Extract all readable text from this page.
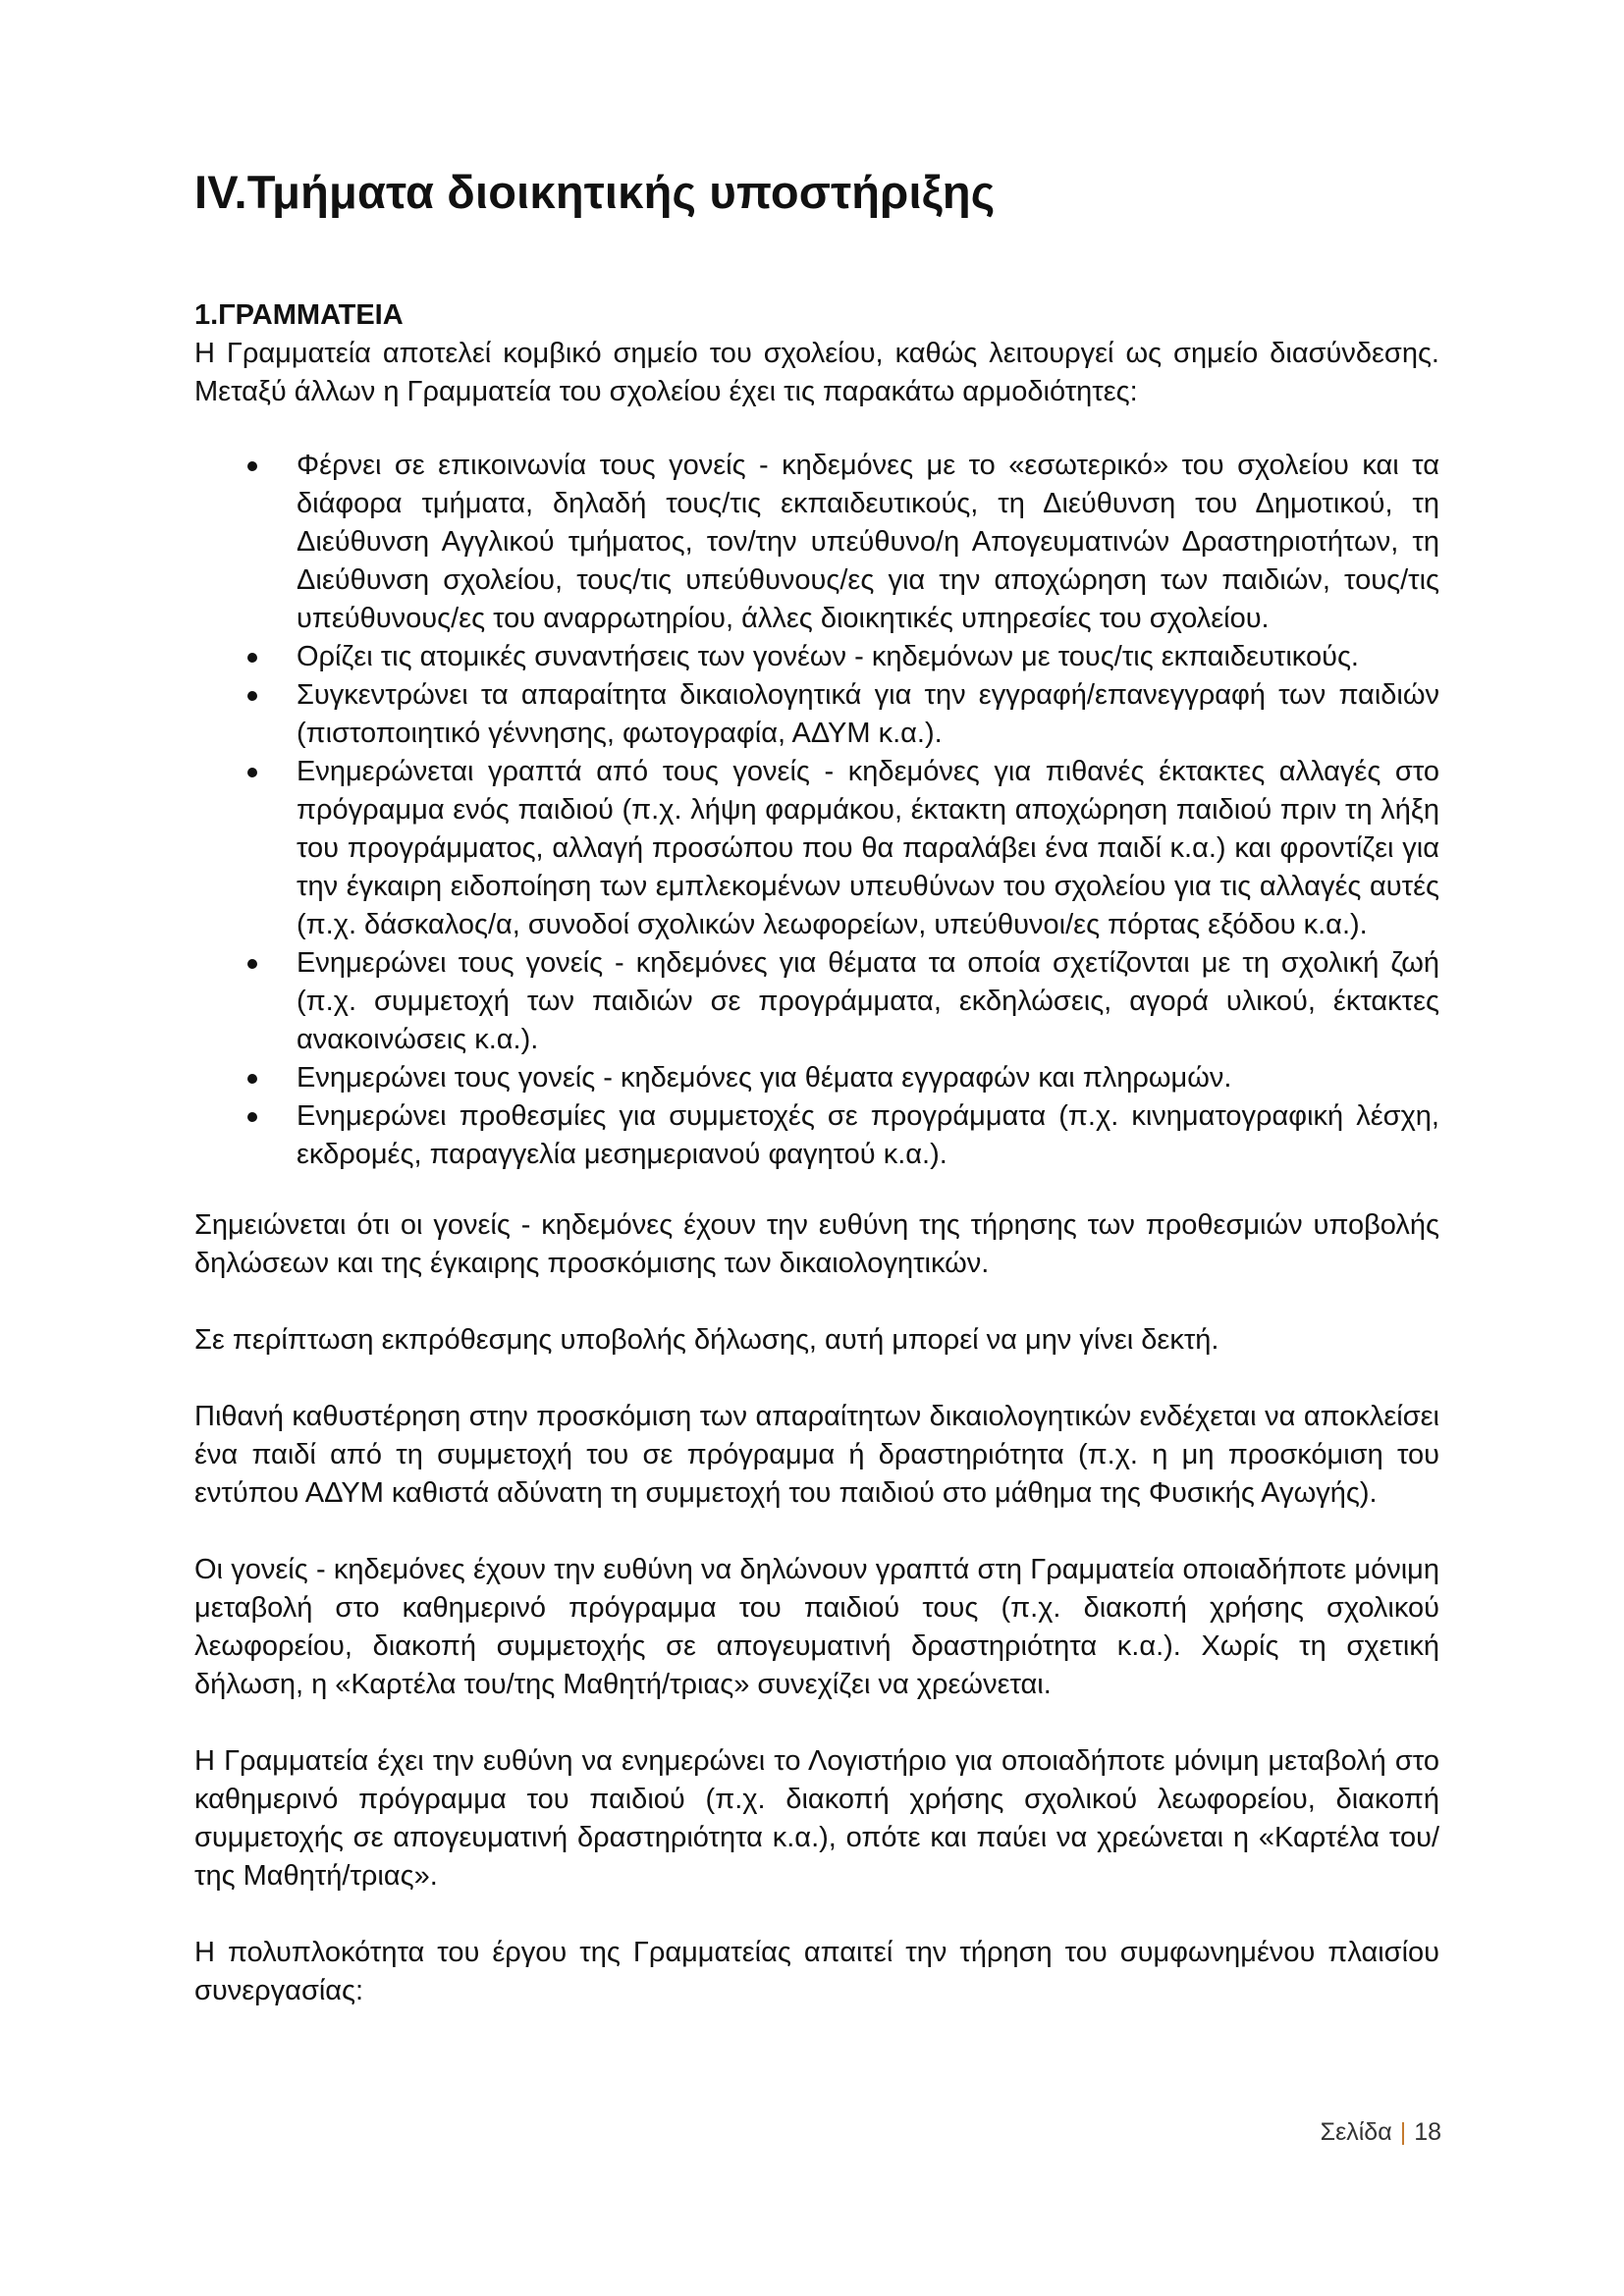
IV.Τμήματα διοικητικής υποστήριξης
1.ΓΡΑΜΜΑΤΕΙΑ

Η Γραμματεία αποτελεί κομβικό σημείο του σχολείου, καθώς λειτουργεί ως σημείο διασύνδεσης. Μεταξύ άλλων η Γραμματεία του σχολείου έχει τις παρακάτω αρμοδιότητες:

Φέρνει σε επικοινωνία τους γονείς - κηδεμόνες με το «εσωτερικό» του σχολείου και τα διάφορα τμήματα, δηλαδή τους/τις εκπαιδευτικούς, τη Διεύθυνση του Δημοτικού, τη Διεύθυνση Αγγλικού τμήματος, τον/την υπεύθυνο/η Απογευματινών Δραστηριοτήτων, τη Διεύθυνση σχολείου, τους/τις υπεύθυνους/ες για την αποχώρηση των παιδιών, τους/τις υπεύθυνους/ες του αναρρωτηρίου, άλλες διοικητικές υπηρεσίες του σχολείου.
Ορίζει τις ατομικές συναντήσεις των γονέων - κηδεμόνων με τους/τις εκπαιδευτικούς.
Συγκεντρώνει τα απαραίτητα δικαιολογητικά για την εγγραφή/επανεγγραφή των παιδιών (πιστοποιητικό γέννησης, φωτογραφία, ΑΔΥΜ κ.α.).
Ενημερώνεται γραπτά από τους γονείς - κηδεμόνες για πιθανές έκτακτες αλλαγές στο πρόγραμμα ενός παιδιού (π.χ. λήψη φαρμάκου, έκτακτη αποχώρηση παιδιού πριν τη λήξη του προγράμματος, αλλαγή προσώπου που θα παραλάβει ένα παιδί κ.α.) και φροντίζει για την έγκαιρη ειδοποίηση των εμπλεκομένων υπευθύνων του σχολείου για τις αλλαγές αυτές (π.χ. δάσκαλος/α, συνοδοί σχολικών λεωφορείων, υπεύθυνοι/ες πόρτας εξόδου κ.α.).
Ενημερώνει τους γονείς - κηδεμόνες για θέματα τα οποία σχετίζονται με τη σχολική ζωή (π.χ. συμμετοχή των παιδιών σε προγράμματα, εκδηλώσεις, αγορά υλικού, έκτακτες ανακοινώσεις κ.α.).
Ενημερώνει τους γονείς - κηδεμόνες για θέματα εγγραφών και πληρωμών.
Ενημερώνει προθεσμίες για συμμετοχές σε προγράμματα (π.χ. κινηματογραφική λέσχη, εκδρομές, παραγγελία μεσημεριανού φαγητού κ.α.).

Σημειώνεται ότι οι γονείς - κηδεμόνες έχουν την ευθύνη της τήρησης των προθεσμιών υποβολής δηλώσεων και της έγκαιρης προσκόμισης των δικαιολογητικών.

Σε περίπτωση εκπρόθεσμης υποβολής δήλωσης, αυτή μπορεί να μην γίνει δεκτή.

Πιθανή καθυστέρηση στην προσκόμιση των απαραίτητων δικαιολογητικών ενδέχεται να αποκλείσει ένα παιδί από τη συμμετοχή του σε πρόγραμμα ή δραστηριότητα (π.χ. η μη προσκόμιση του εντύπου ΑΔΥΜ καθιστά αδύνατη τη συμμετοχή του παιδιού στο μάθημα της Φυσικής Αγωγής).

Οι γονείς - κηδεμόνες έχουν την ευθύνη να δηλώνουν γραπτά στη Γραμματεία οποιαδήποτε μόνιμη μεταβολή στο καθημερινό πρόγραμμα του παιδιού τους (π.χ. διακοπή χρήσης σχολικού λεωφορείου, διακοπή συμμετοχής σε απογευματινή δραστηριότητα κ.α.). Χωρίς τη σχετική δήλωση, η «Καρτέλα του/της Μαθητή/τριας» συνεχίζει να χρεώνεται.

Η Γραμματεία έχει την ευθύνη να ενημερώνει το Λογιστήριο για οποιαδήποτε μόνιμη μεταβολή στο καθημερινό πρόγραμμα του παιδιού (π.χ. διακοπή χρήσης σχολικού λεωφορείου, διακοπή συμμετοχής σε απογευματινή δραστηριότητα κ.α.), οπότε και παύει να χρεώνεται η «Καρτέλα του/της Μαθητή/τριας».

Η πολυπλοκότητα του έργου της Γραμματείας απαιτεί την τήρηση του συμφωνημένου πλαισίου συνεργασίας:

Σελίδα | 18
